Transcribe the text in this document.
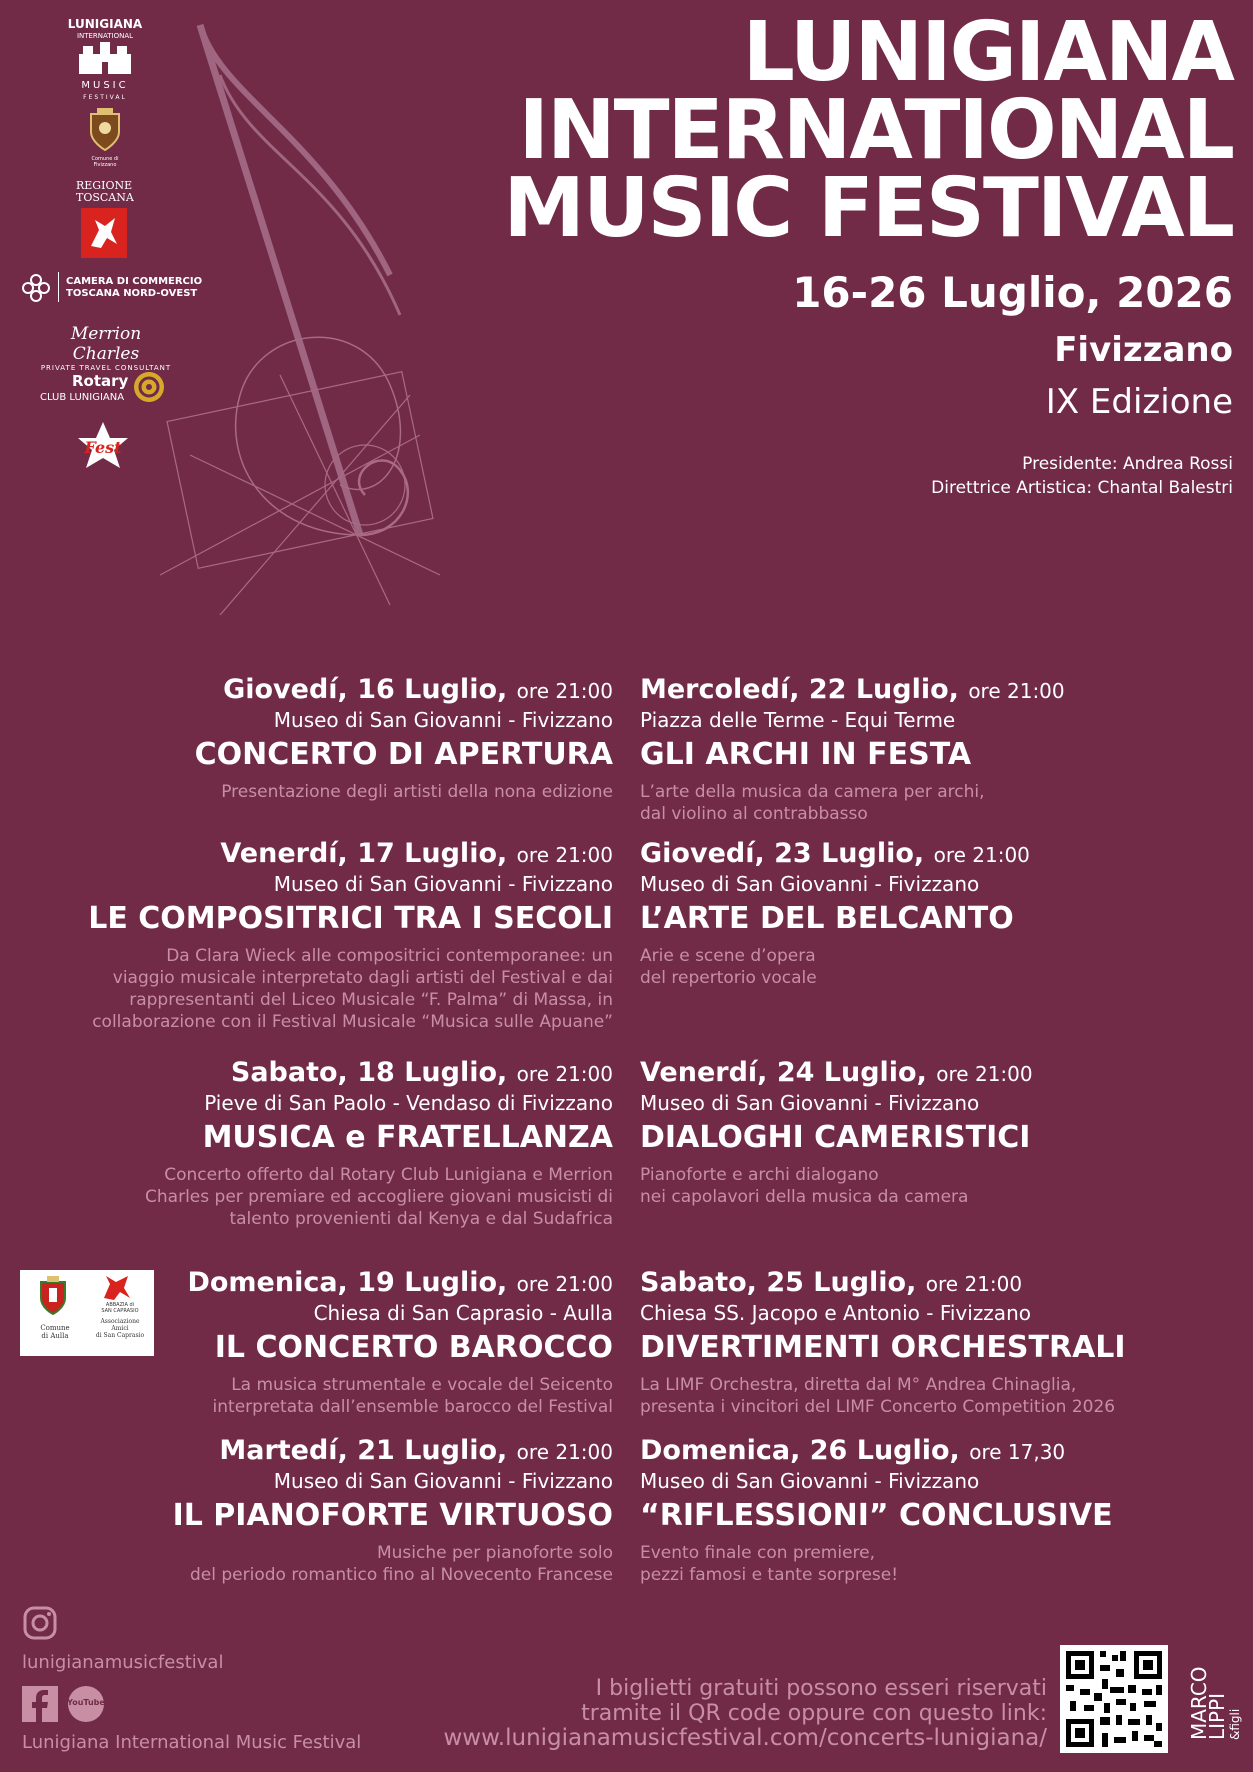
LUNIGIANA
INTERNATIONAL
MUSIC
FESTIVAL
Comune di Fivizzano
REGIONE
TOSCANA
CAMERA DI COMMERCIO
TOSCANA NORD-OVEST
Merrion Charles
PRIVATE TRAVEL CONSULTANT
Rotary
CLUB LUNIGIANA
Fest
LUNIGIANA
INTERNATIONAL
MUSIC FESTIVAL
16-26 Luglio, 2026
Fivizzano
IX Edizione
Presidente: Andrea Rossi
Direttrice Artistica: Chantal Balestri
Giovedí, 16 Luglio, ore 21:00
Museo di San Giovanni - Fivizzano
CONCERTO DI APERTURA
Presentazione degli artisti della nona edizione
Venerdí, 17 Luglio, ore 21:00
Museo di San Giovanni - Fivizzano
LE COMPOSITRICI TRA I SECOLI
Da Clara Wieck alle compositrici contemporanee: un
viaggio musicale interpretato dagli artisti del Festival e dai
rappresentanti del Liceo Musicale “F. Palma” di Massa, in
collaborazione con il Festival Musicale “Musica sulle Apuane”
Sabato, 18 Luglio, ore 21:00
Pieve di San Paolo - Vendaso di Fivizzano
MUSICA e FRATELLANZA
Concerto offerto dal Rotary Club Lunigiana e Merrion
Charles per premiare ed accogliere giovani musicisti di
talento provenienti dal Kenya e dal Sudafrica
Comune
di Aulla
ABBAZIA di
SAN CAPRASIO
Associazione
Amici
di San Caprasio
Domenica, 19 Luglio, ore 21:00
Chiesa di San Caprasio - Aulla
IL CONCERTO BAROCCO
La musica strumentale e vocale del Seicento
interpretata dall’ensemble barocco del Festival
Martedí, 21 Luglio, ore 21:00
Museo di San Giovanni - Fivizzano
IL PIANOFORTE VIRTUOSO
Musiche per pianoforte solo
del periodo romantico fino al Novecento Francese
Mercoledí, 22 Luglio, ore 21:00
Piazza delle Terme - Equi Terme
GLI ARCHI IN FESTA
L’arte della musica da camera per archi,
dal violino al contrabbasso
Giovedí, 23 Luglio, ore 21:00
Museo di San Giovanni - Fivizzano
L’ARTE DEL BELCANTO
Arie e scene d’opera
del repertorio vocale
Venerdí, 24 Luglio, ore 21:00
Museo di San Giovanni - Fivizzano
DIALOGHI CAMERISTICI
Pianoforte e archi dialogano
nei capolavori della musica da camera
Sabato, 25 Luglio, ore 21:00
Chiesa SS. Jacopo e Antonio - Fivizzano
DIVERTIMENTI ORCHESTRALI
La LIMF Orchestra, diretta dal M° Andrea Chinaglia,
presenta i vincitori del LIMF Concerto Competition 2026
Domenica, 26 Luglio, ore 17,30
Museo di San Giovanni - Fivizzano
“RIFLESSIONI” CONCLUSIVE
Evento finale con premiere,
pezzi famosi e tante sorprese!
lunigianamusicfestival
YouTube
Lunigiana International Music Festival
I biglietti gratuiti possono esseri riservati
tramite il QR code oppure con questo link:
www.lunigianamusicfestival.com/concerts-lunigiana/	MARCO
LIPPI &figli
